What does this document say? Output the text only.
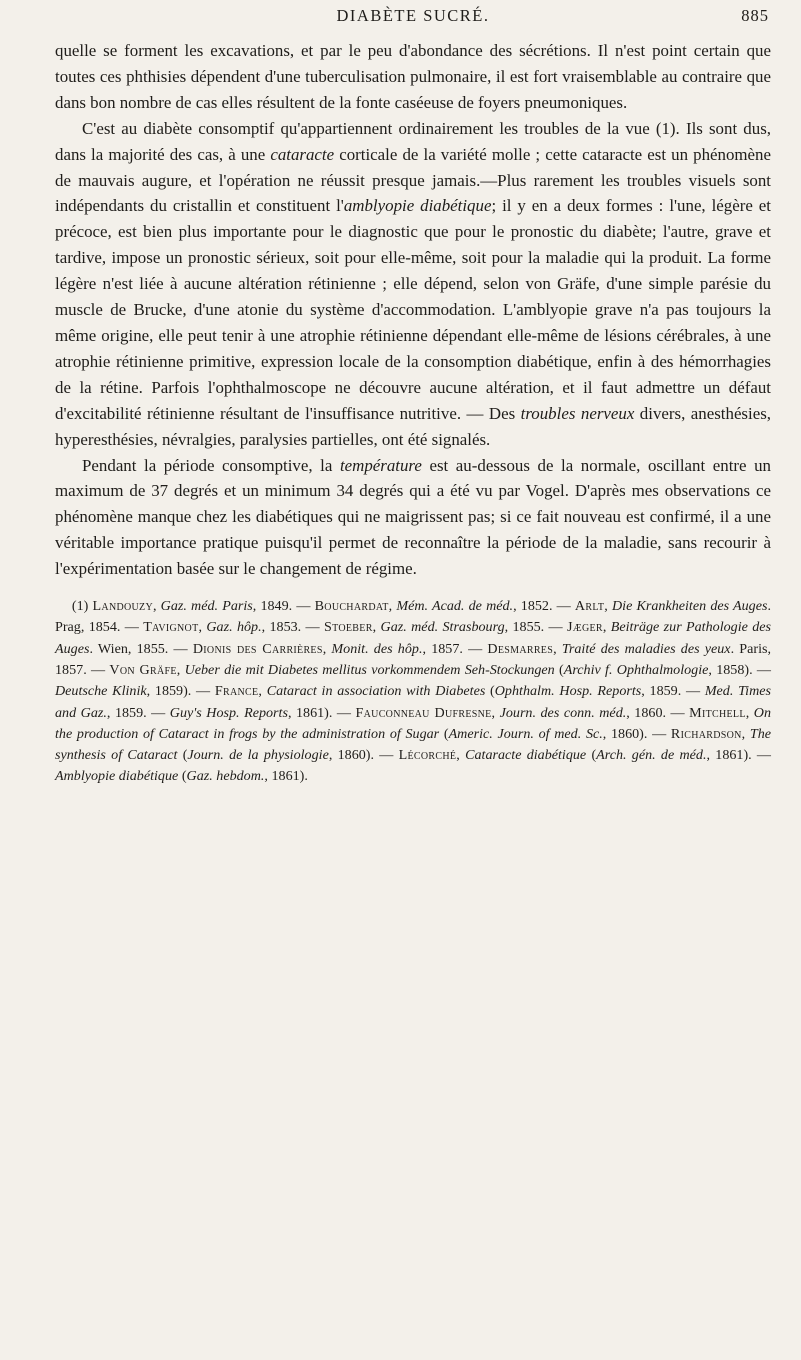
DIABÈTE SUCRÉ.	885

quelle se forment les excavations, et par le peu d'abondance des sécrétions. Il n'est point certain que toutes ces phthisies dépendent d'une tuberculisation pulmonaire, il est fort vraisemblable au contraire que dans bon nombre de cas elles résultent de la fonte caséeuse de foyers pneumoniques.

C'est au diabète consomptif qu'appartiennent ordinairement les troubles de la vue (1). Ils sont dus, dans la majorité des cas, à une cataracte corticale de la variété molle ; cette cataracte est un phénomène de mauvais augure, et l'opération ne réussit presque jamais.—Plus rarement les troubles visuels sont indépendants du cristallin et constituent l'amblyopie diabétique; il y en a deux formes : l'une, légère et précoce, est bien plus importante pour le diagnostic que pour le pronostic du diabète; l'autre, grave et tardive, impose un pronostic sérieux, soit pour elle-même, soit pour la maladie qui la produit. La forme légère n'est liée à aucune altération rétinienne ; elle dépend, selon von Gräfe, d'une simple parésie du muscle de Brucke, d'une atonie du système d'accommodation. L'amblyopie grave n'a pas toujours la même origine, elle peut tenir à une atrophie rétinienne dépendant elle-même de lésions cérébrales, à une atrophie rétinienne primitive, expression locale de la consomption diabétique, enfin à des hémorrhagies de la rétine. Parfois l'ophthalmoscope ne découvre aucune altération, et il faut admettre un défaut d'excitabilité rétinienne résultant de l'insuffisance nutritive. — Des troubles nerveux divers, anesthésies, hyperesthésies, névralgies, paralysies partielles, ont été signalés.

Pendant la période consomptive, la température est au-dessous de la normale, oscillant entre un maximum de 37 degrés et un minimum 34 degrés qui a été vu par Vogel. D'après mes observations ce phénomène manque chez les diabétiques qui ne maigrissent pas; si ce fait nouveau est confirmé, il a une véritable importance pratique puisqu'il permet de reconnaître la période de la maladie, sans recourir à l'expérimentation basée sur le changement de régime.

(1) Landouzy, Gaz. méd. Paris, 1849. — Bouchardat, Mém. Acad. de méd., 1852. — Arlt, Die Krankheiten des Auges. Prag, 1854. — Tavignot, Gaz. hôp., 1853. — Stoeber, Gaz. méd. Strasbourg, 1855. — Jæger, Beiträge zur Pathologie des Auges. Wien, 1855. — Dionis des Carrières, Monit. des hôp., 1857. — Desmarres, Traité des maladies des yeux. Paris, 1857. — Von Gräfe, Ueber die mit Diabetes mellitus vorkommendem Seh-Stockungen (Archiv f. Ophthalmologie, 1858). — Deutsche Klinik, 1859). — France, Cataract in association with Diabetes (Ophthalm. Hosp. Reports, 1859. — Med. Times and Gaz., 1859. — Guy's Hosp. Reports, 1861). — Fauconneau Dufresne, Journ. des conn. méd., 1860. — Mitchell, On the production of Cataract in frogs by the administration of Sugar (Americ. Journ. of med. Sc., 1860). — Richardson, The synthesis of Cataract (Journ. de la physiologie, 1860). — Lécorché, Cataracte diabétique (Arch. gén. de méd., 1861). — Amblyopie diabétique (Gaz. hebdom., 1861).
